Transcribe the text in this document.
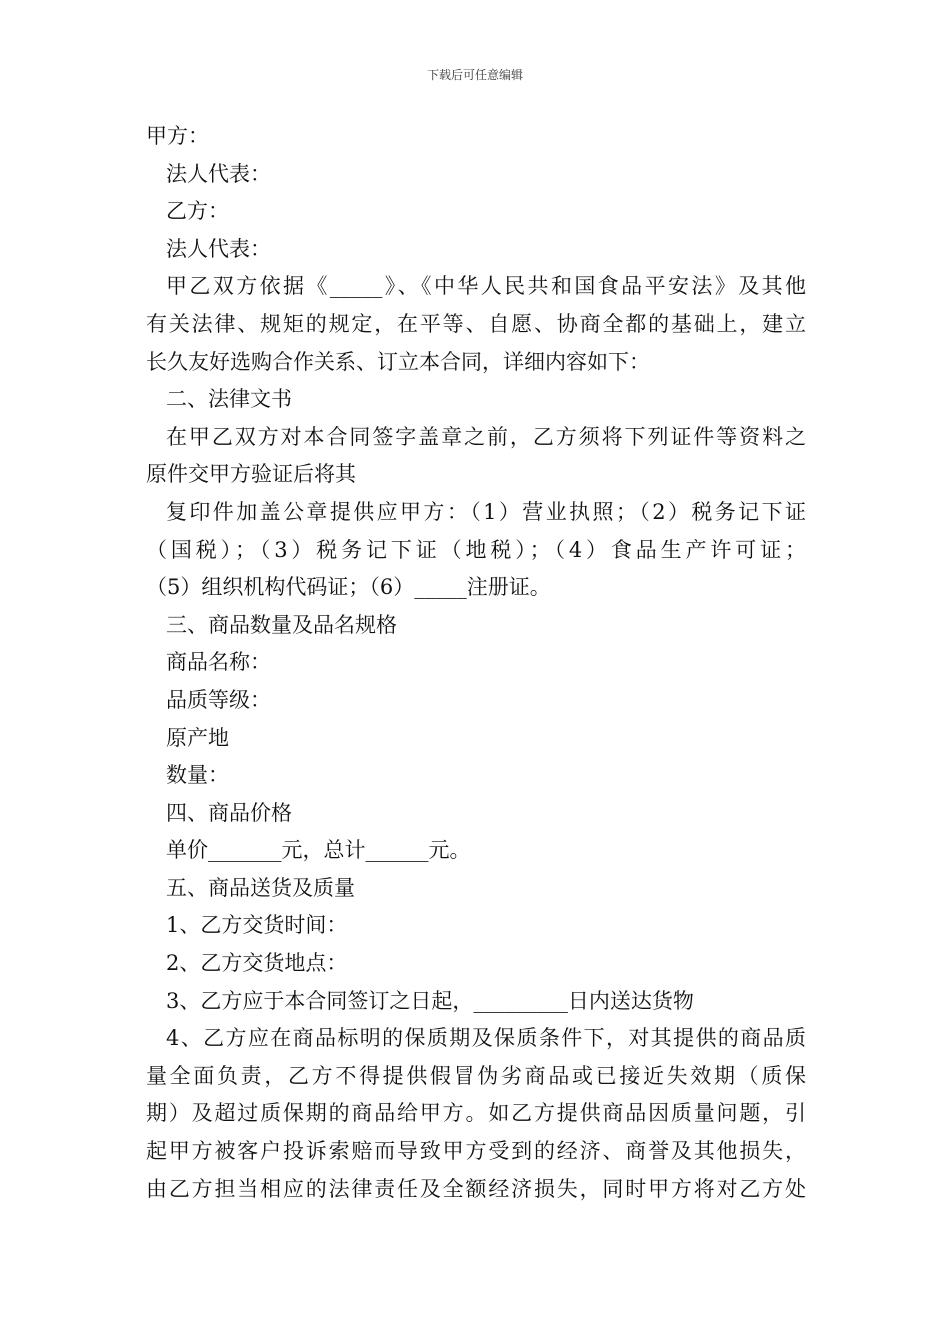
下载后可任意编辑

甲方：

法人代表：

乙方：

法人代表：

甲乙双方依据《_____》、《中华人民共和国食品平安法》及其他

有关法律、规矩的规定，在平等、自愿、协商全都的基础上，建立

长久友好选购合作关系、订立本合同，详细内容如下：

二、法律文书

在甲乙双方对本合同签字盖章之前，乙方须将下列证件等资料之

原件交甲方验证后将其

复印件加盖公章提供应甲方：（1）营业执照；（2）税务记下证

（国税）；（3）税务记下证（地税）；（4）食品生产许可证；

（5）组织机构代码证；（6）_____注册证。

三、商品数量及品名规格

商品名称：

品质等级：

原产地

数量：

四、商品价格

单价_______元，总计______元。

五、商品送货及质量

1、乙方交货时间：

2、乙方交货地点：

3、乙方应于本合同签订之日起，_________日内送达货物

4、乙方应在商品标明的保质期及保质条件下，对其提供的商品质

量全面负责，乙方不得提供假冒伪劣商品或已接近失效期（质保

期）及超过质保期的商品给甲方。如乙方提供商品因质量问题，引

起甲方被客户投诉索赔而导致甲方受到的经济、商誉及其他损失，

由乙方担当相应的法律责任及全额经济损失，同时甲方将对乙方处
